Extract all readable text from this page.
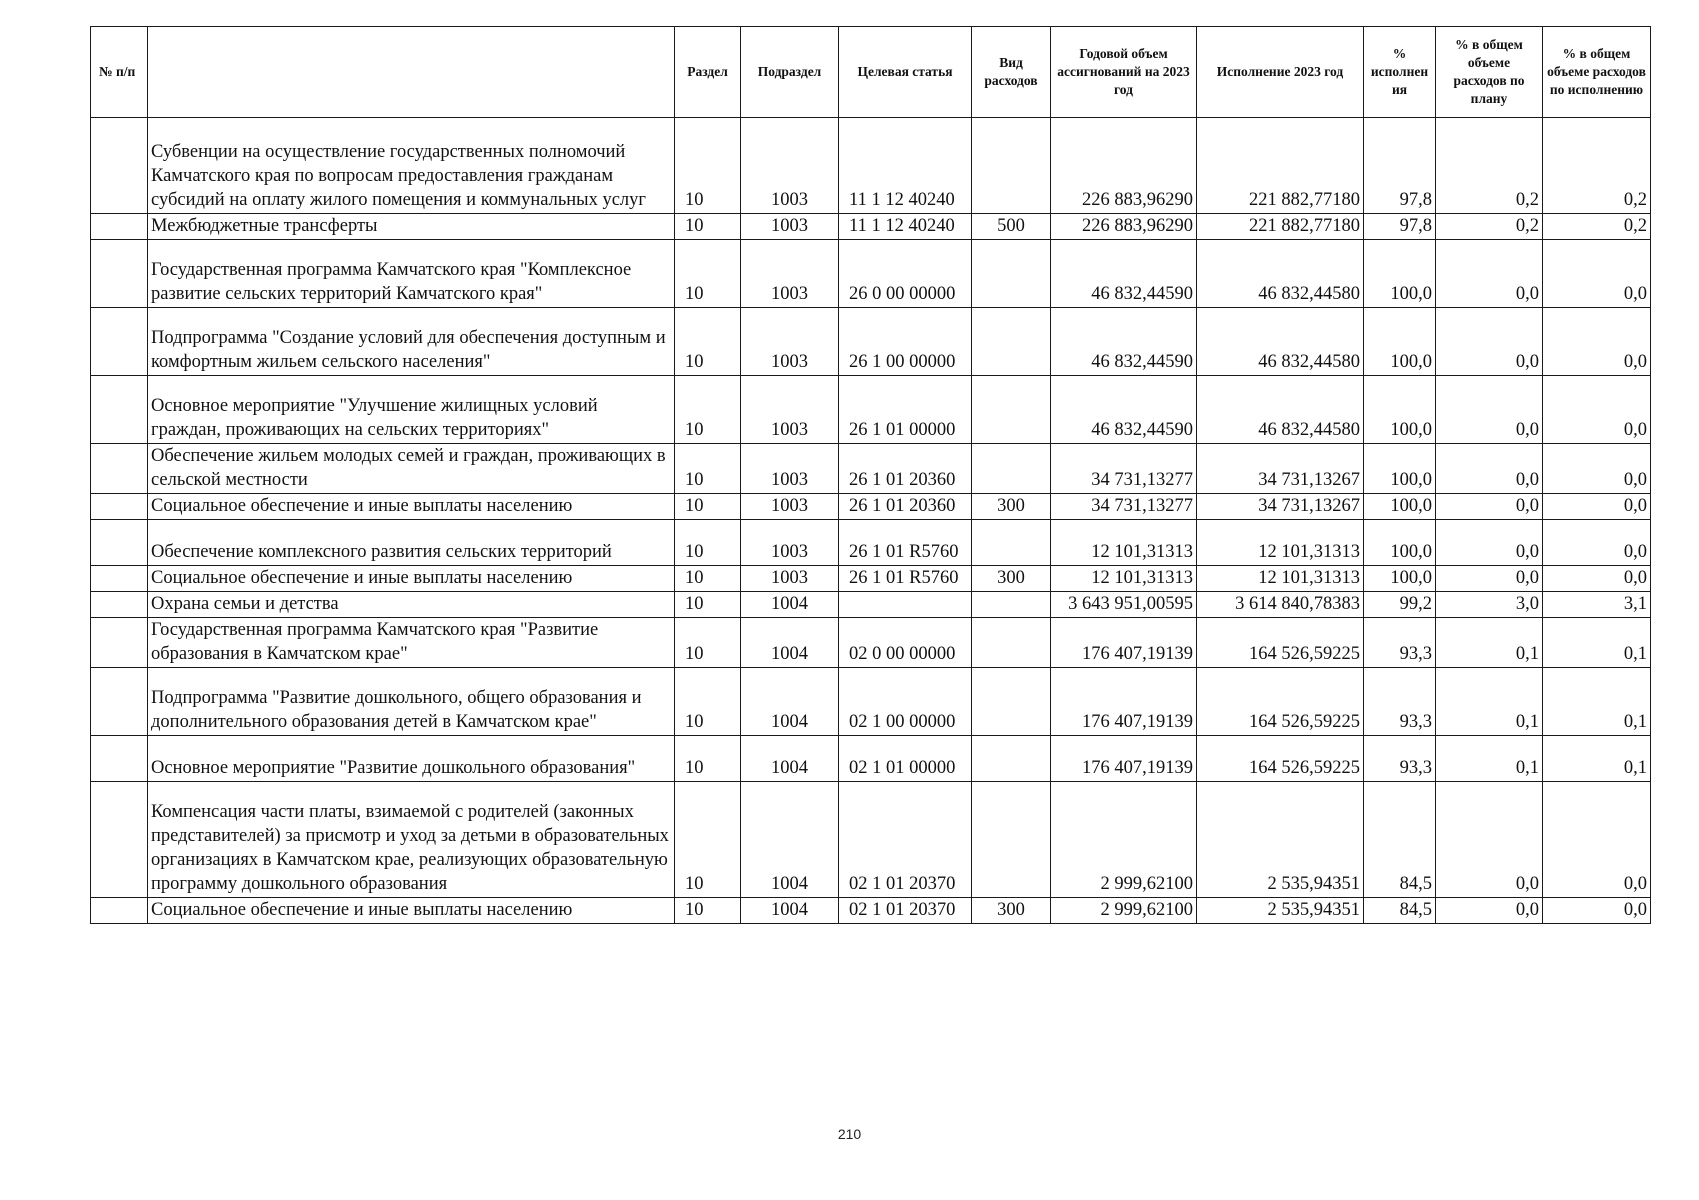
№ п/п		Раздел	Подраздел	Целевая статья	Вид расходов	Годовой объем ассигнований на 2023 год	Исполнение 2023 год	% исполнен ия	% в общем объеме расходов по плану	% в общем объеме расходов по исполнению
	Субвенции на осуществление государственных полномочий Камчатского края по вопросам предоставления гражданам субсидий на оплату жилого помещения и коммунальных услуг	10	1003	11 1 12 40240		226 883,96290	221 882,77180	97,8	0,2	0,2
	Межбюджетные трансферты	10	1003	11 1 12 40240	500	226 883,96290	221 882,77180	97,8	0,2	0,2
	Государственная программа Камчатского края "Комплексное развитие сельских территорий Камчатского края"	10	1003	26 0 00 00000		46 832,44590	46 832,44580	100,0	0,0	0,0
	Подпрограмма "Создание условий для обеспечения доступным и комфортным жильем сельского населения"	10	1003	26 1 00 00000		46 832,44590	46 832,44580	100,0	0,0	0,0
	Основное мероприятие "Улучшение жилищных условий граждан, проживающих на сельских территориях"	10	1003	26 1 01 00000		46 832,44590	46 832,44580	100,0	0,0	0,0
	Обеспечение жильем молодых семей и граждан, проживающих в сельской местности	10	1003	26 1 01 20360		34 731,13277	34 731,13267	100,0	0,0	0,0
	Социальное обеспечение и иные выплаты населению	10	1003	26 1 01 20360	300	34 731,13277	34 731,13267	100,0	0,0	0,0
	Обеспечение комплексного развития сельских территорий	10	1003	26 1 01 R5760		12 101,31313	12 101,31313	100,0	0,0	0,0
	Социальное обеспечение и иные выплаты населению	10	1003	26 1 01 R5760	300	12 101,31313	12 101,31313	100,0	0,0	0,0
	Охрана семьи и детства	10	1004			3 643 951,00595	3 614 840,78383	99,2	3,0	3,1
	Государственная программа Камчатского края "Развитие образования в Камчатском крае"	10	1004	02 0 00 00000		176 407,19139	164 526,59225	93,3	0,1	0,1
	Подпрограмма "Развитие дошкольного, общего образования и дополнительного образования детей в Камчатском крае"	10	1004	02 1 00 00000		176 407,19139	164 526,59225	93,3	0,1	0,1
	Основное мероприятие "Развитие дошкольного образования"	10	1004	02 1 01 00000		176 407,19139	164 526,59225	93,3	0,1	0,1
	Компенсация части платы, взимаемой с родителей (законных представителей) за присмотр и уход за детьми в образовательных организациях в Камчатском крае, реализующих образовательную программу дошкольного образования	10	1004	02 1 01 20370		2 999,62100	2 535,94351	84,5	0,0	0,0
	Социальное обеспечение и иные выплаты населению	10	1004	02 1 01 20370	300	2 999,62100	2 535,94351	84,5	0,0	0,0
210
